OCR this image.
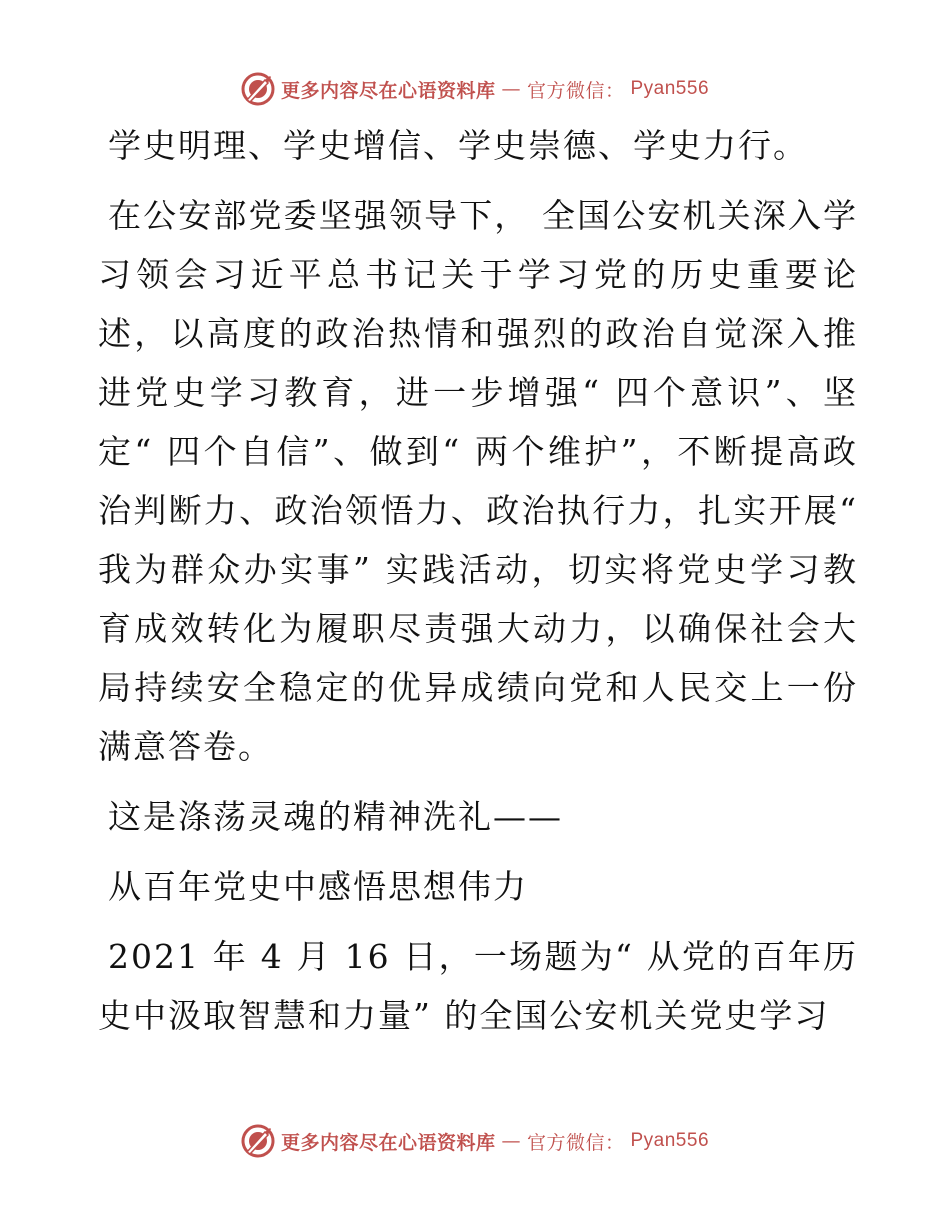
更多内容尽在心语资料库 — 官方微信： Pyan556

学史明理、学史增信、学史崇德、学史力行。

在公安部党委坚强领导下， 全国公安机关深入学习领会习近平总书记关于学习党的历史重要论述，以高度的政治热情和强烈的政治自觉深入推进党史学习教育，进一步增强“ 四个意识”、坚定“ 四个自信”、做到“ 两个维护”，不断提高政治判断力、政治领悟力、政治执行力，扎实开展“ 我为群众办实事” 实践活动，切实将党史学习教育成效转化为履职尽责强大动力，以确保社会大局持续安全稳定的优异成绩向党和人民交上一份满意答卷。

这是涤荡灵魂的精神洗礼——

从百年党史中感悟思想伟力

2021 年 4 月 16 日，一场题为“ 从党的百年历史中汲取智慧和力量” 的全国公安机关党史学习

更多内容尽在心语资料库 — 官方微信： Pyan556
